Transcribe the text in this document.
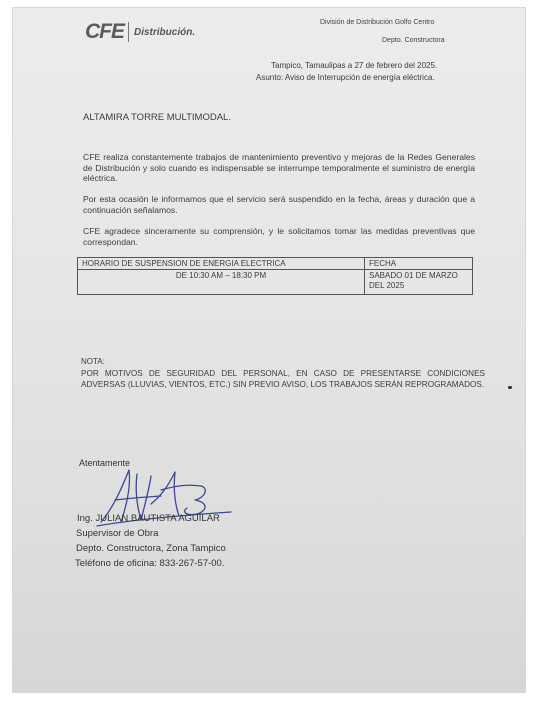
CFE Distribución.
División de Distribución Golfo Centro
Depto. Constructora
Tampico, Tamaulipas a 27 de febrero del 2025.
Asunto: Aviso de Interrupción de energía eléctrica.
ALTAMIRA TORRE MULTIMODAL.
CFE realiza constantemente trabajos de mantenimiento preventivo y mejoras de la Redes Generales de Distribución y solo cuando es indispensable se interrumpe temporalmente el suministro de energía eléctrica.
Por esta ocasión le informamos que el servicio será suspendido en la fecha, áreas y duración que a continuación señalamos.
CFE agradece sinceramente su comprensión, y le solicitamos tomar las medidas preventivas que correspondan.
HORARIO DE SUSPENSION DE ENERGIA ELECTRICA	FECHA
DE 10:30 AM – 18:30 PM	SABADO 01 DE MARZO DEL 2025
NOTA:
POR MOTIVOS DE SEGURIDAD DEL PERSONAL, EN CASO DE PRESENTARSE CONDICIONES ADVERSAS (LLUVIAS, VIENTOS, ETC.) SIN PREVIO AVISO, LOS TRABAJOS SERÁN REPROGRAMADOS.
Atentamente
Ing. JULIAN BAUTISTA AGUILAR
Supervisor de Obra
Depto. Constructora, Zona Tampico
Teléfono de oficina: 833-267-57-00.
